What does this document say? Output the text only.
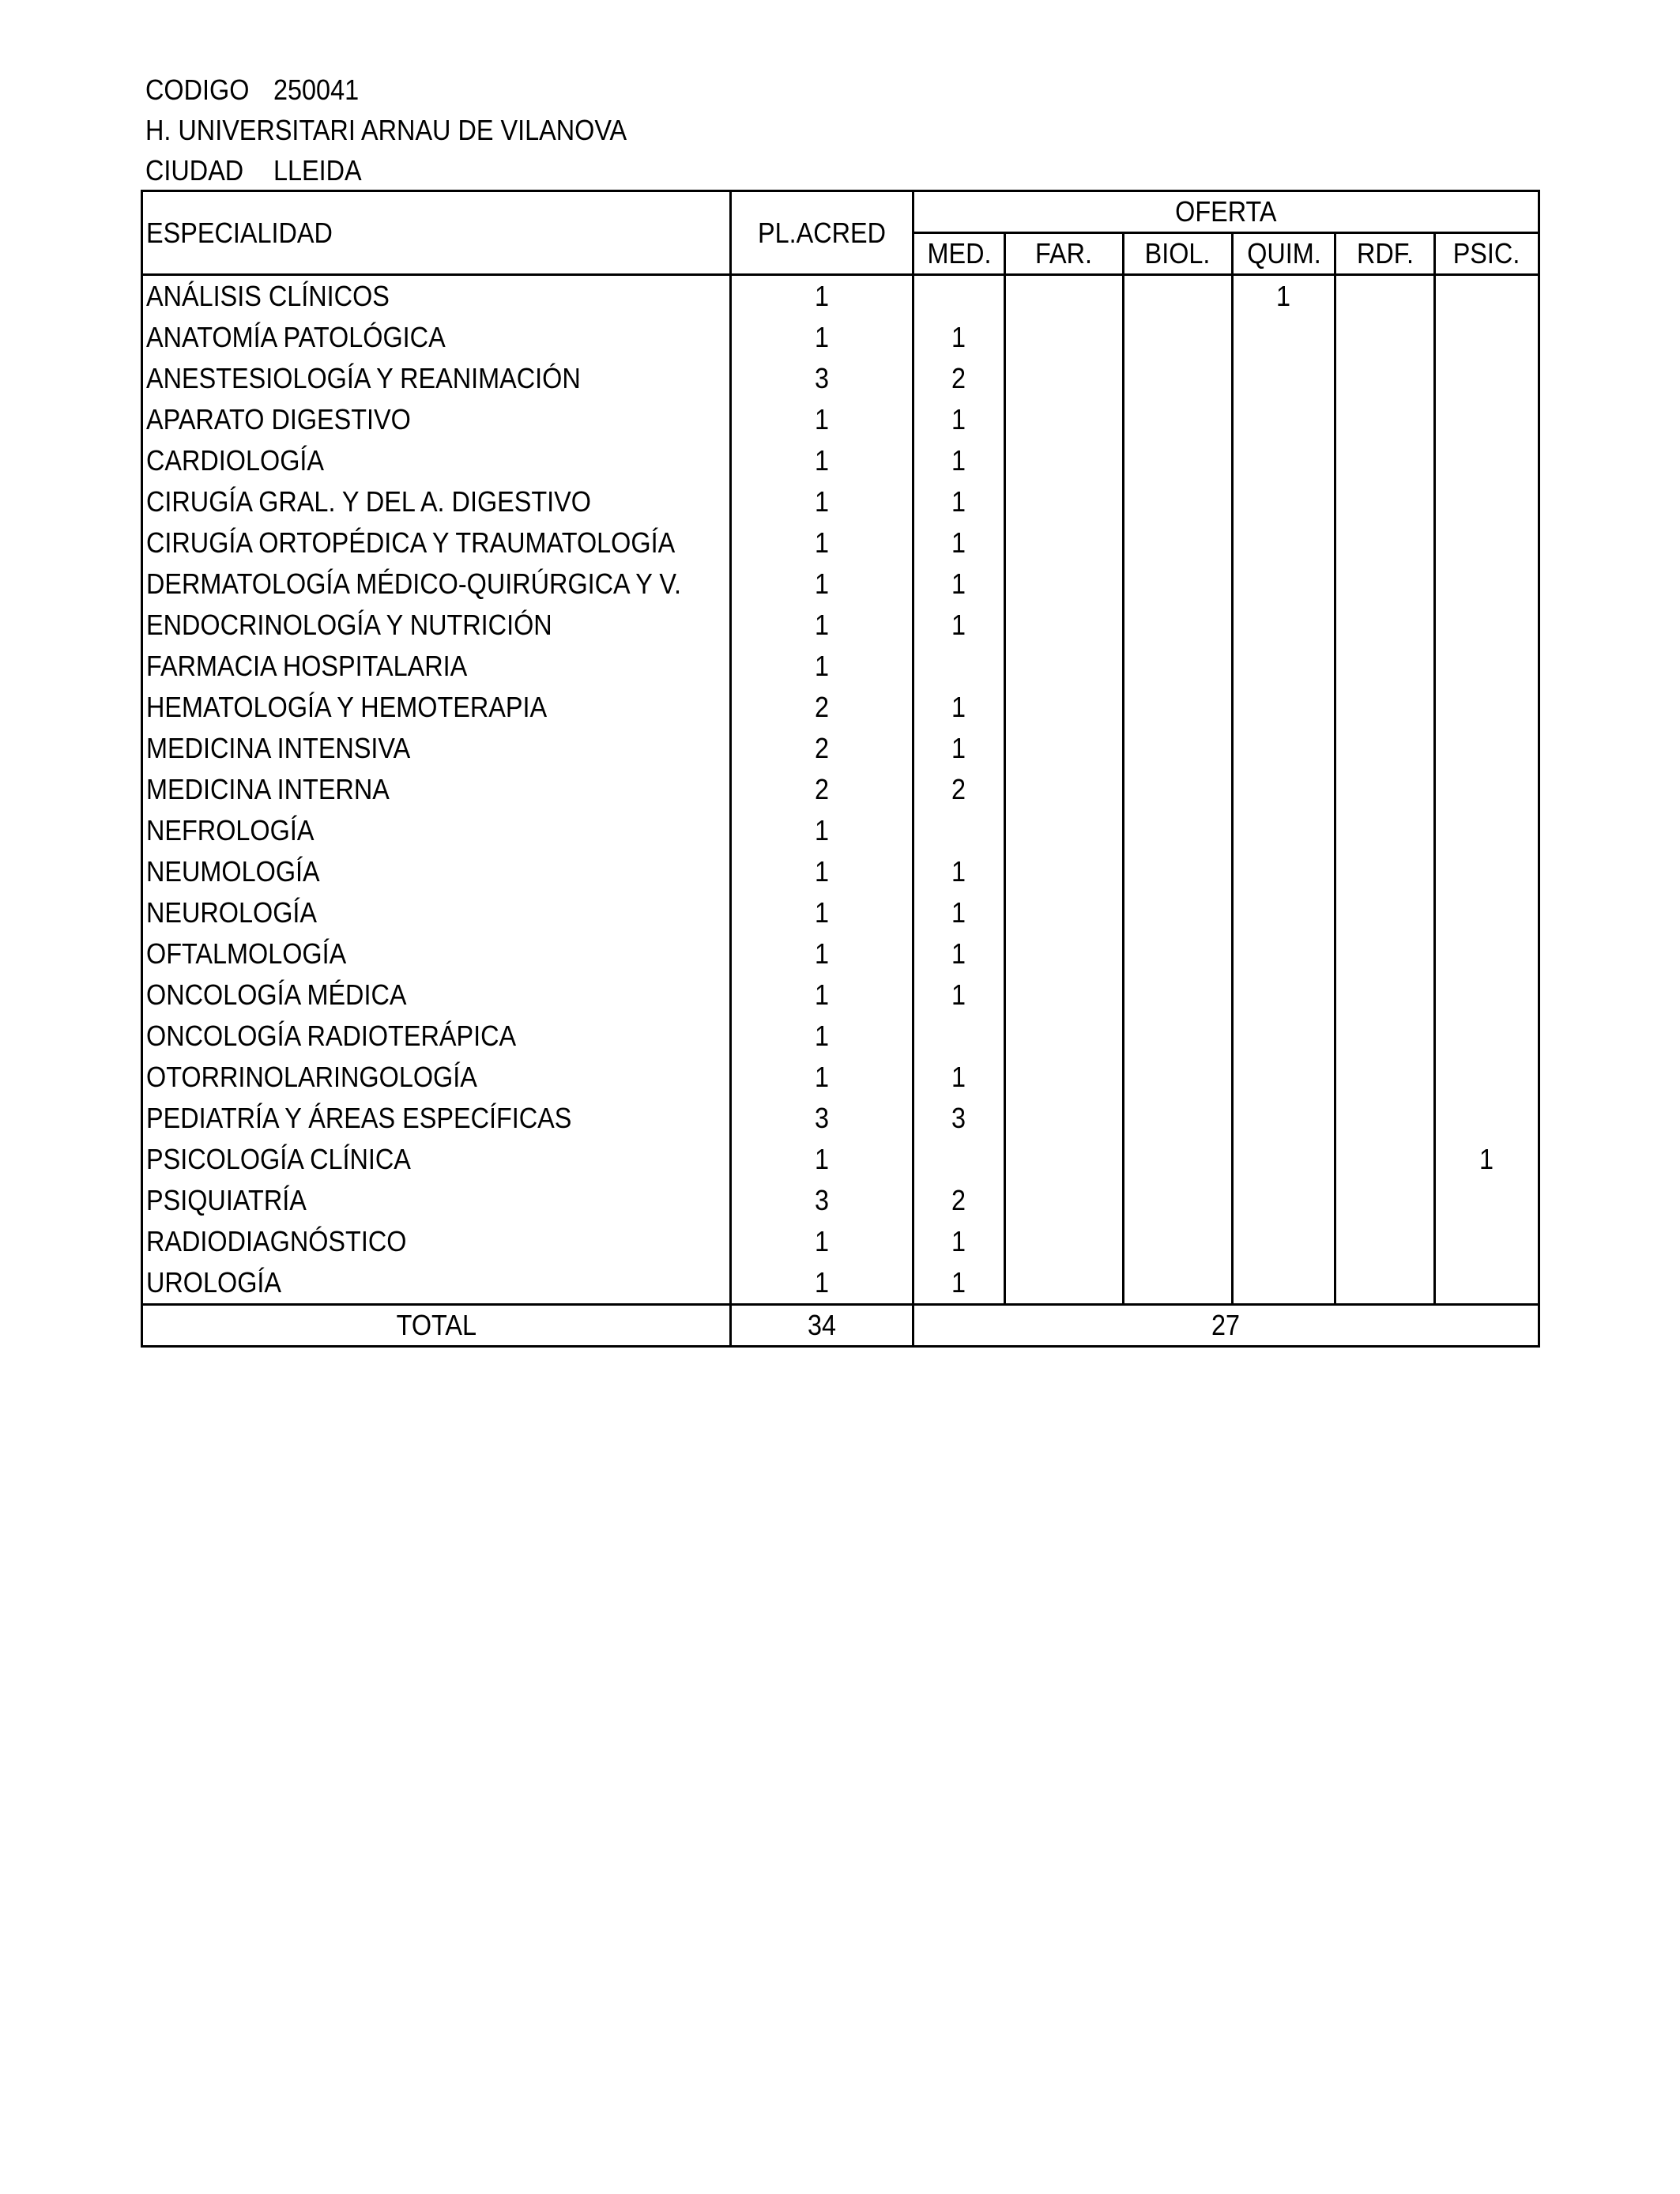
CODIGO 250041
H. UNIVERSITARI ARNAU DE VILANOVA
CIUDAD LLEIDA
ESPECIALIDAD	PL.ACRED	OFERTA					
		MED.	FAR.	BIOL.	QUIM.	RDF.	PSIC.
ANÁLISIS CLÍNICOS	1				1		
ANATOMÍA PATOLÓGICA	1	1					
ANESTESIOLOGÍA Y REANIMACIÓN	3	2					
APARATO DIGESTIVO	1	1					
CARDIOLOGÍA	1	1					
CIRUGÍA GRAL. Y DEL A. DIGESTIVO	1	1					
CIRUGÍA ORTOPÉDICA Y TRAUMATOLOGÍA	1	1					
DERMATOLOGÍA MÉDICO-QUIRÚRGICA Y V.	1	1					
ENDOCRINOLOGÍA Y NUTRICIÓN	1	1					
FARMACIA HOSPITALARIA	1						
HEMATOLOGÍA Y HEMOTERAPIA	2	1					
MEDICINA INTENSIVA	2	1					
MEDICINA INTERNA	2	2					
NEFROLOGÍA	1						
NEUMOLOGÍA	1	1					
NEUROLOGÍA	1	1					
OFTALMOLOGÍA	1	1					
ONCOLOGÍA MÉDICA	1	1					
ONCOLOGÍA RADIOTERÁPICA	1						
OTORRINOLARINGOLOGÍA	1	1					
PEDIATRÍA Y ÁREAS ESPECÍFICAS	3	3					
PSICOLOGÍA CLÍNICA	1						1
PSIQUIATRÍA	3	2					
RADIODIAGNÓSTICO	1	1					
UROLOGÍA	1	1					
TOTAL	34	27					
